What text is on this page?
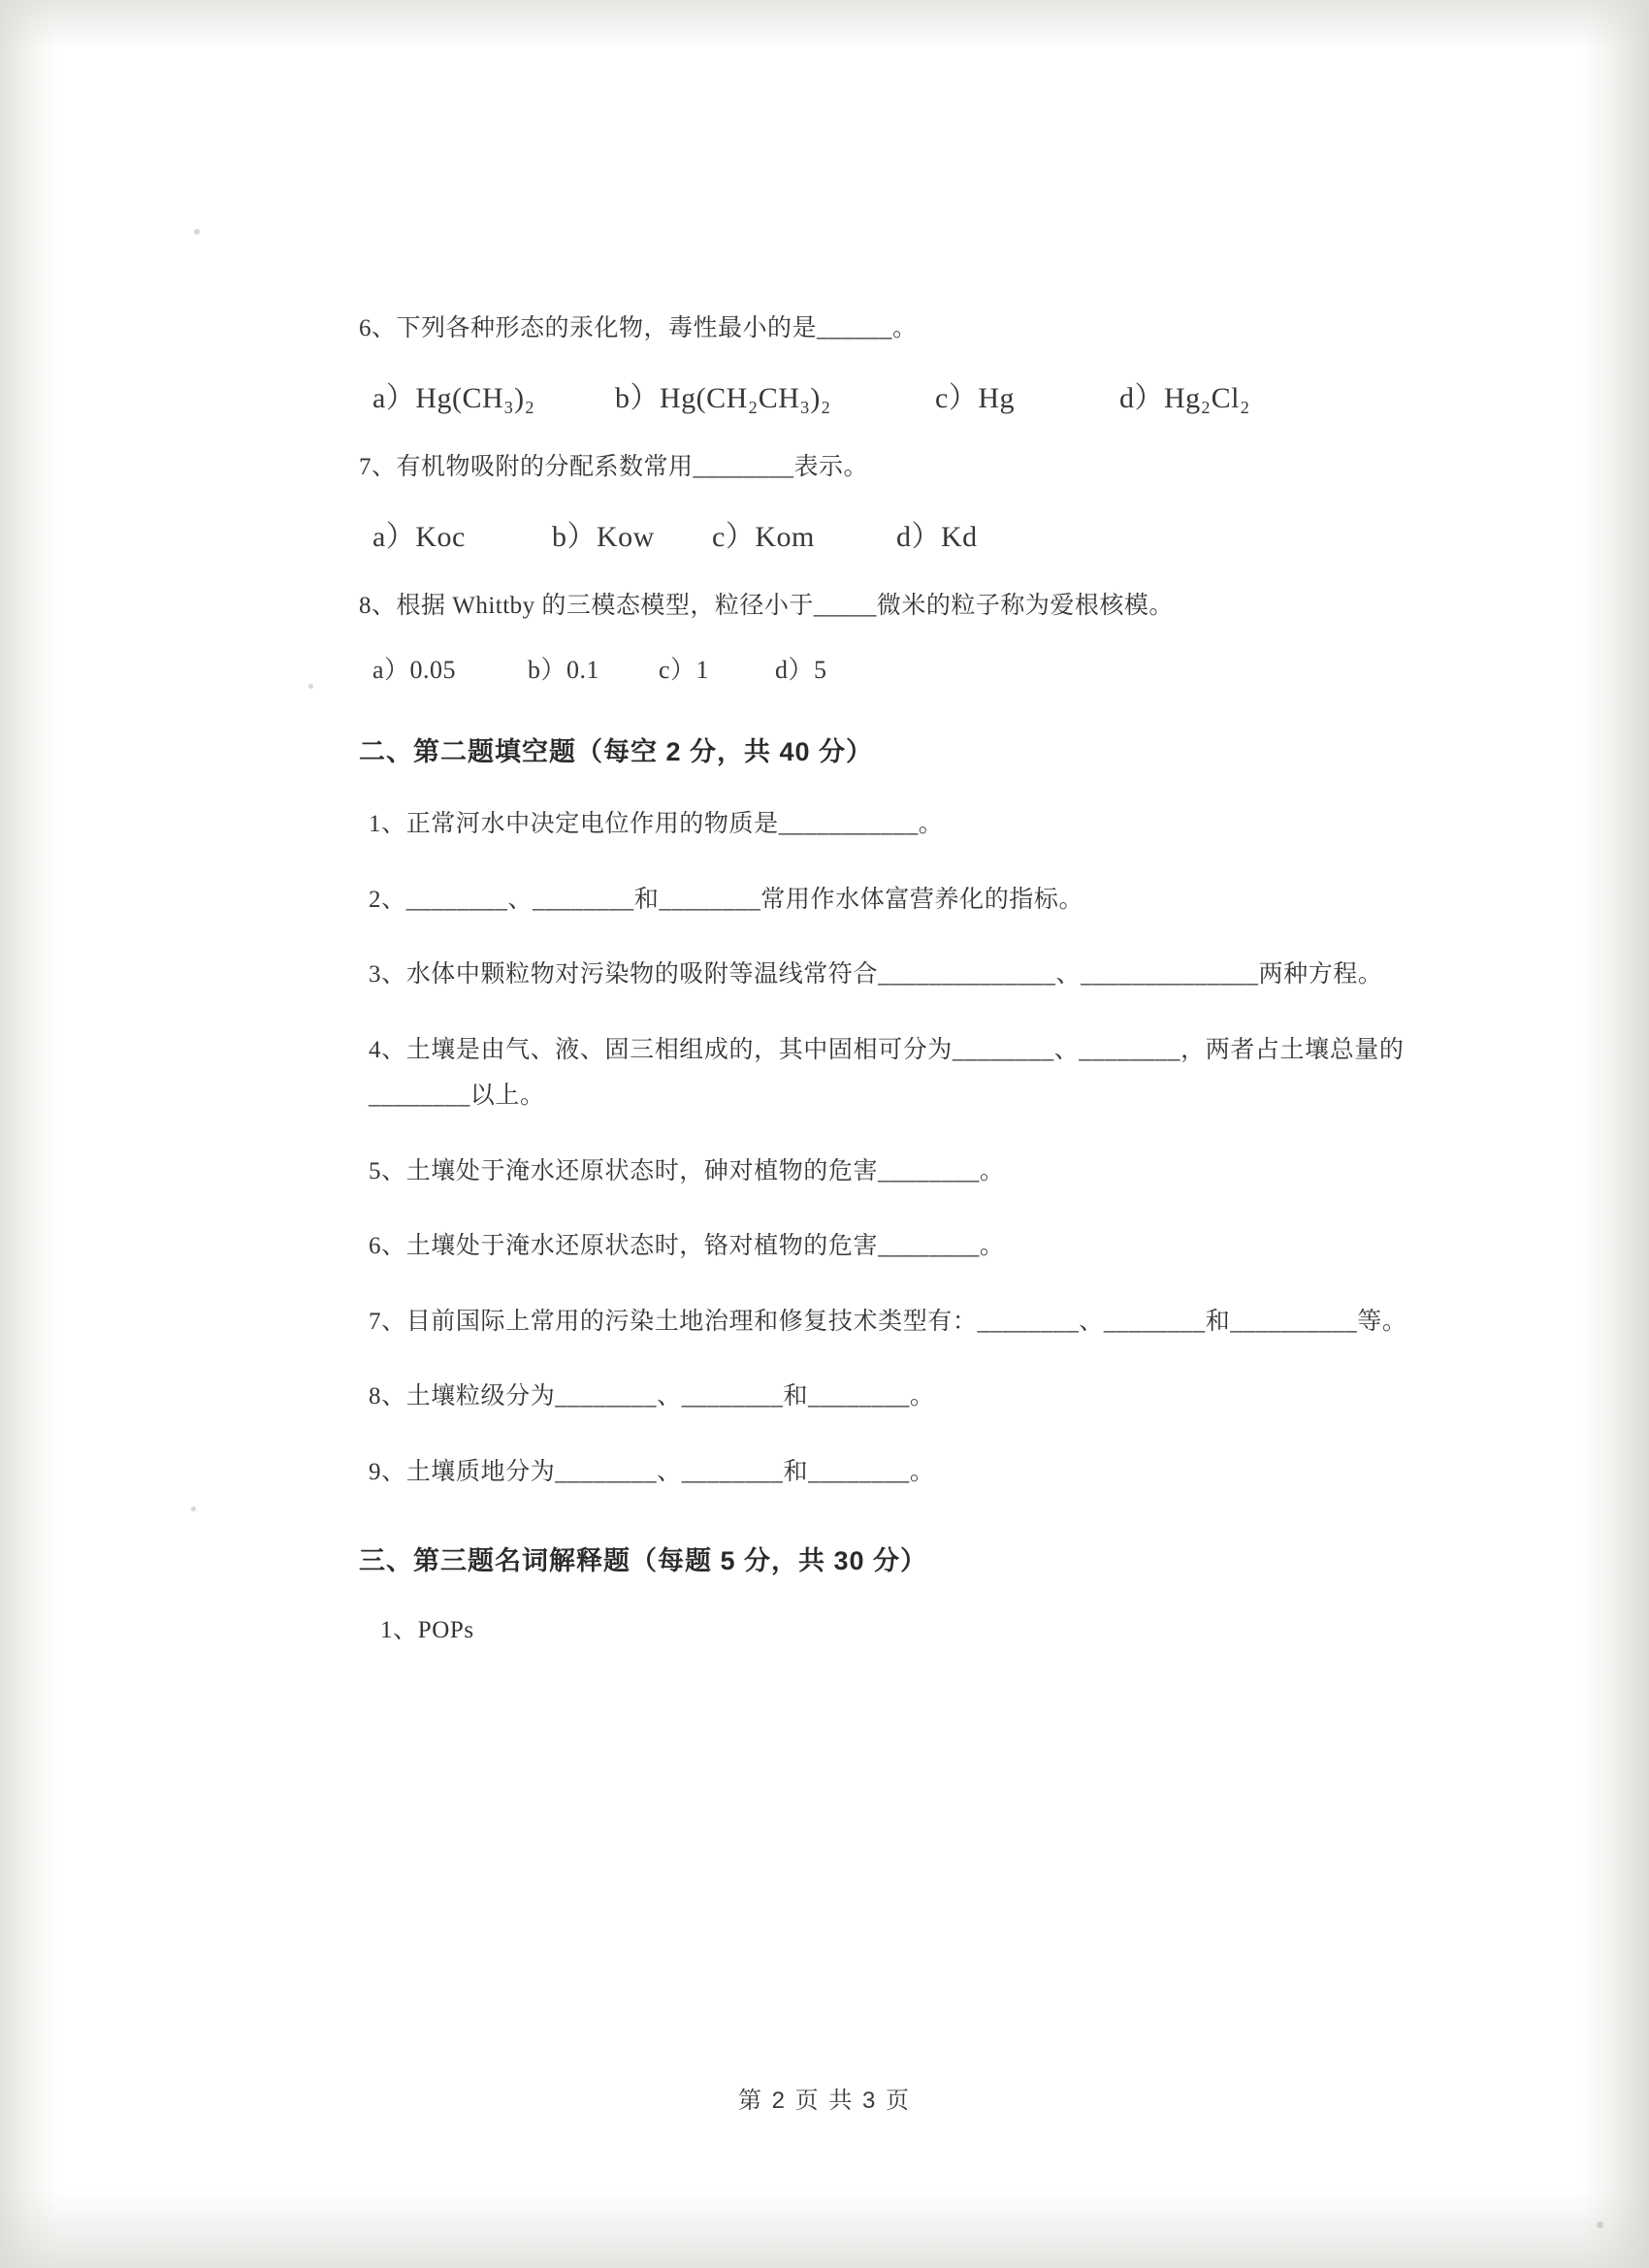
6、下列各种形态的汞化物，毒性最小的是______。

a）Hg(CH₃)₂	b）Hg(CH₂CH₃)₂	c）Hg	d）Hg₂Cl₂

7、有机物吸附的分配系数常用________表示。

a）Koc	b）Kow	c）Kom	d）Kd

8、根据 Whittby 的三模态模型，粒径小于_____微米的粒子称为爱根核模。

a）0.05	b）0.1	c）1	d）5
二、第二题填空题（每空 2 分，共 40 分）

1、正常河水中决定电位作用的物质是___________。

2、________、________和________常用作水体富营养化的指标。

3、水体中颗粒物对污染物的吸附等温线常符合______________、______________两种方程。

4、土壤是由气、液、固三相组成的，其中固相可分为________、________，两者占土壤总量的________以上。

5、土壤处于淹水还原状态时，砷对植物的危害________。

6、土壤处于淹水还原状态时，铬对植物的危害________。

7、目前国际上常用的污染土地治理和修复技术类型有：________、________和__________等。

8、土壤粒级分为________、________和________。

9、土壤质地分为________、________和________。

三、第三题名词解释题（每题 5 分，共 30 分）

1、POPs

第 2 页 共 3 页
